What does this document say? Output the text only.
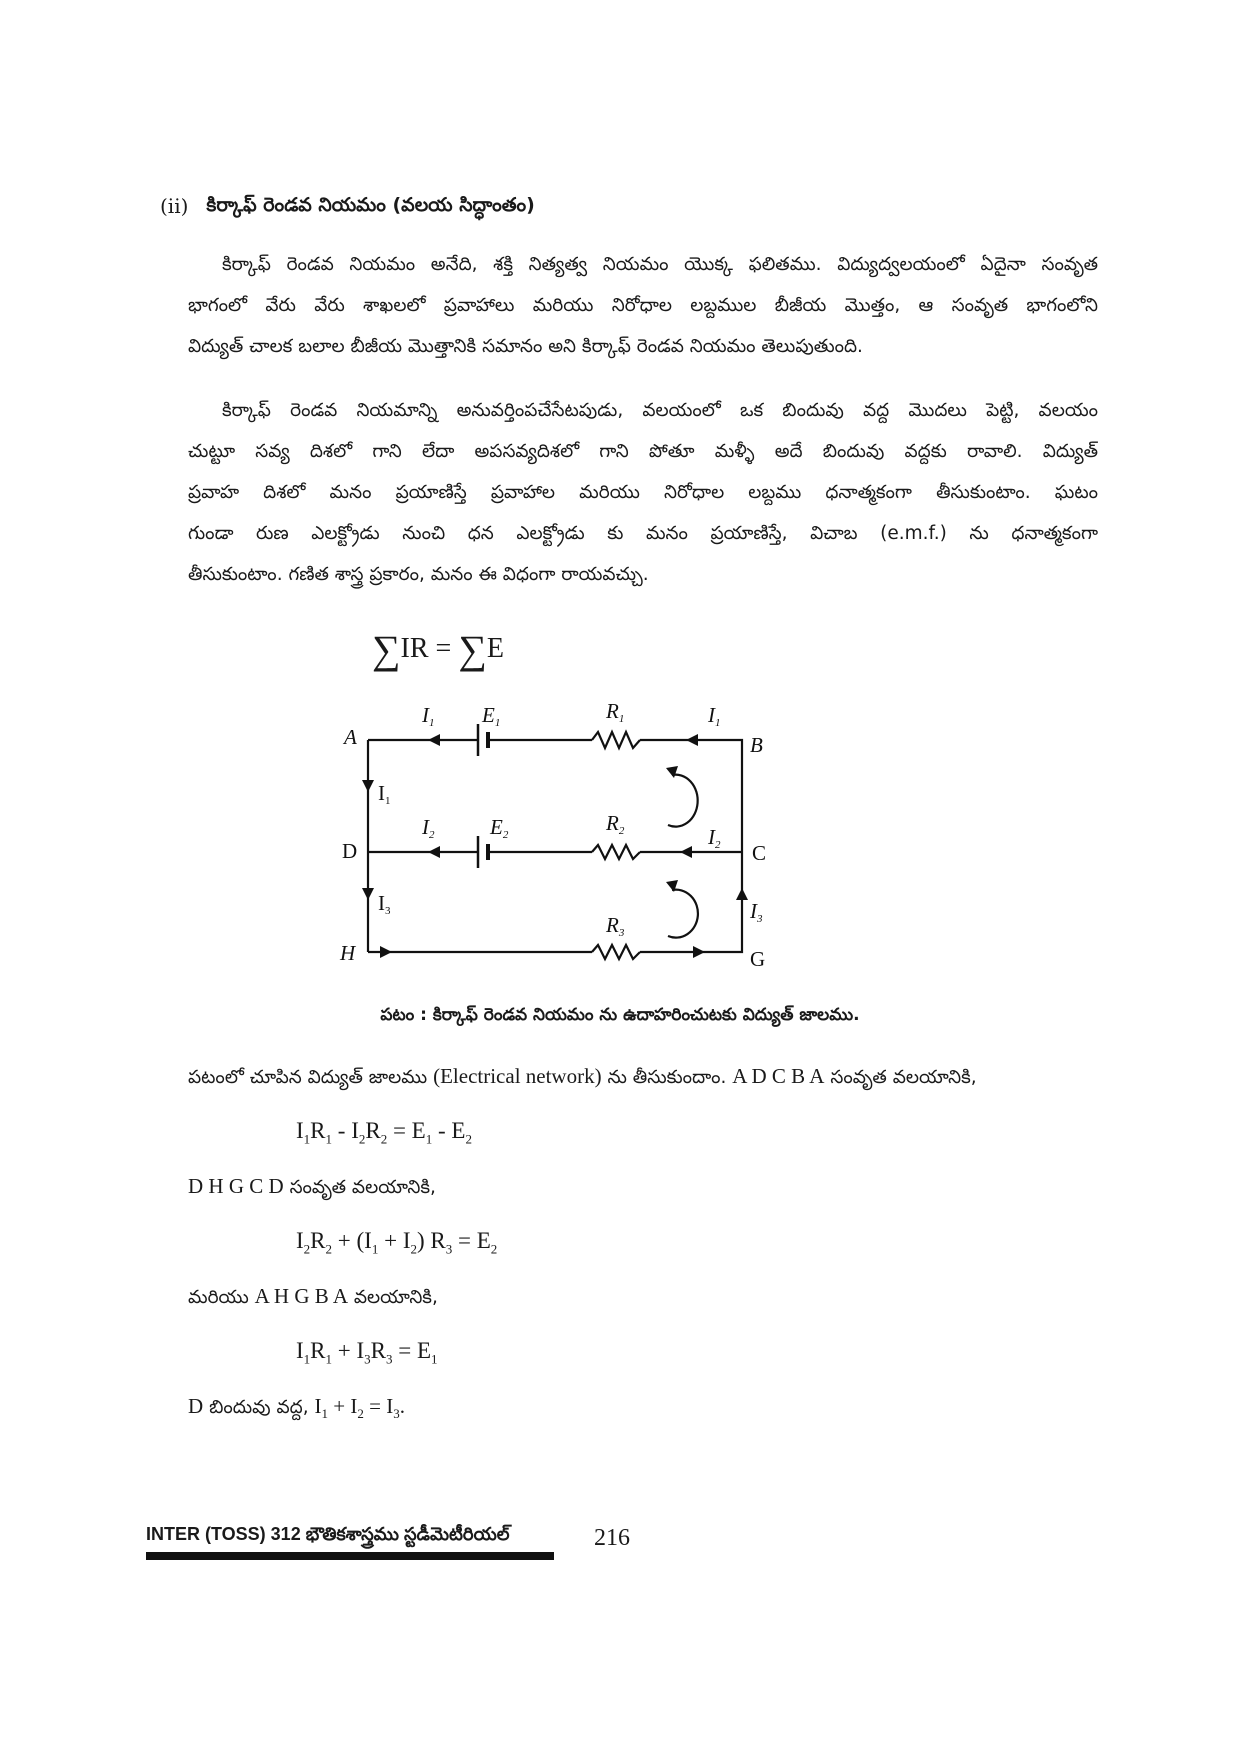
(ii) కిర్కాఫ్ రెండవ నియమం (వలయ సిద్ధాంతం)
కిర్కాఫ్ రెండవ నియమం అనేది, శక్తి నిత్యత్వ నియమం యొక్క ఫలితము. విద్యుద్వలయంలో ఏదైనా సంవృత
భాగంలో వేరు వేరు శాఖలలో ప్రవాహాలు మరియు నిరోధాల లబ్దముల బీజీయ మొత్తం, ఆ సంవృత భాగంలోని
విద్యుత్ చాలక బలాల బీజీయ మొత్తానికి సమానం అని కిర్కాఫ్ రెండవ నియమం తెలుపుతుంది.
కిర్కాఫ్ రెండవ నియమాన్ని అనువర్తింపచేసేటపుడు, వలయంలో ఒక బిందువు వద్ద మొదలు పెట్టి, వలయం
చుట్టూ సవ్య దిశలో గాని లేదా అపసవ్యదిశలో గాని పోతూ మళ్ళీ అదే బిందువు వద్దకు రావాలి. విద్యుత్
ప్రవాహ దిశలో మనం ప్రయాణిస్తే ప్రవాహాల మరియు నిరోధాల లబ్దము ధనాత్మకంగా తీసుకుంటాం. ఘటం
గుండా రుణ ఎలక్ట్రోడు నుంచి ధన ఎలక్ట్రోడు కు మనం ప్రయాణిస్తే, విచాబ (e.m.f.) ను ధనాత్మకంగా
తీసుకుంటాం. గణిత శాస్త్ర ప్రకారం, మనం ఈ విధంగా రాయవచ్చు.
∑IR = ∑E
A	B
C
D
G
H
I1 E1	R1	I1
I1
I2	E2	R2	I2
I3
R3
I3
పటం : కిర్కాఫ్ రెండవ నియమం ను ఉదాహరించుటకు విద్యుత్ జాలము.
పటంలో చూపిన విద్యుత్ జాలము (Electrical network) ను తీసుకుందాం. A D C B A సంవృత వలయానికి,
$I_1R_1 - I_2R_2 = E_1 - E_2$
D H G C D సంవృత వలయానికి,
$I_2R_2 + (I_1 + I_2) R_3 = E_2$
మరియు A H G B A వలయానికి,
$I_1R_1 + I_3R_3 = E_1$
D బిందువు వద్ద, $I_1 + I_2 = I_3$.
INTER (TOSS) 312 భౌతికశాస్త్రము స్టడీమెటీరియల్	216
